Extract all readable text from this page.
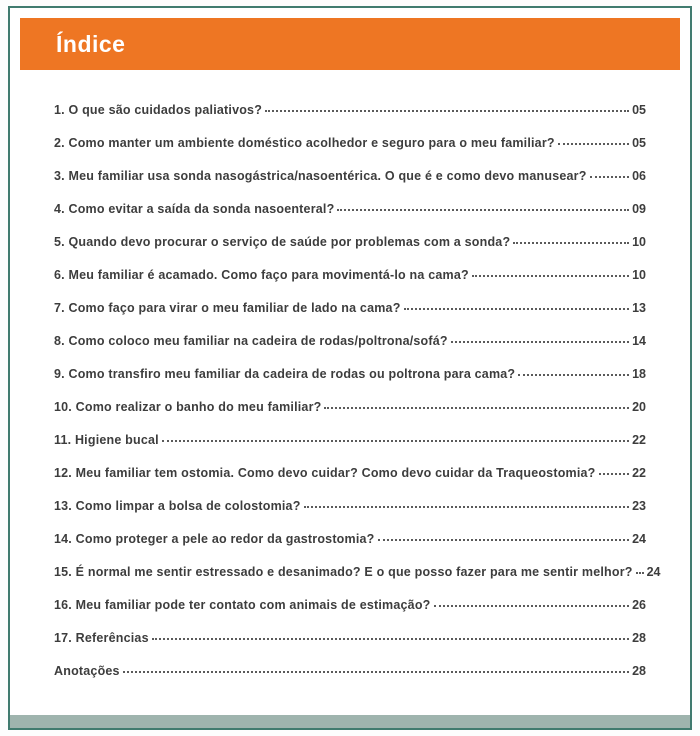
Índice
1. O que são cuidados paliativos?	05
2. Como manter um ambiente doméstico acolhedor e seguro para o meu familiar?	05
3. Meu familiar usa sonda nasogástrica/nasoentérica. O que é e como devo manusear?	06
4. Como evitar a saída da sonda nasoenteral?	09
5. Quando devo procurar o serviço de saúde por problemas com a sonda?	10
6. Meu familiar é acamado. Como faço para movimentá-lo na cama?	10
7. Como faço para virar o meu familiar de lado na cama?	13
8. Como coloco meu familiar na cadeira de rodas/poltrona/sofá?	14
9. Como transfiro meu familiar da cadeira de rodas ou poltrona para cama?	18
10. Como realizar o banho do meu familiar?	20
11. Higiene bucal	22
12. Meu familiar tem ostomia. Como devo cuidar? Como devo cuidar da Traqueostomia?	22
13. Como limpar a bolsa de colostomia?	23
14. Como proteger a pele ao redor da gastrostomia?	24
15. É normal me sentir estressado e desanimado? E o que posso fazer para me sentir melhor? 24
16. Meu familiar pode ter contato com animais de estimação?	26
17. Referências	28
Anotações	28
